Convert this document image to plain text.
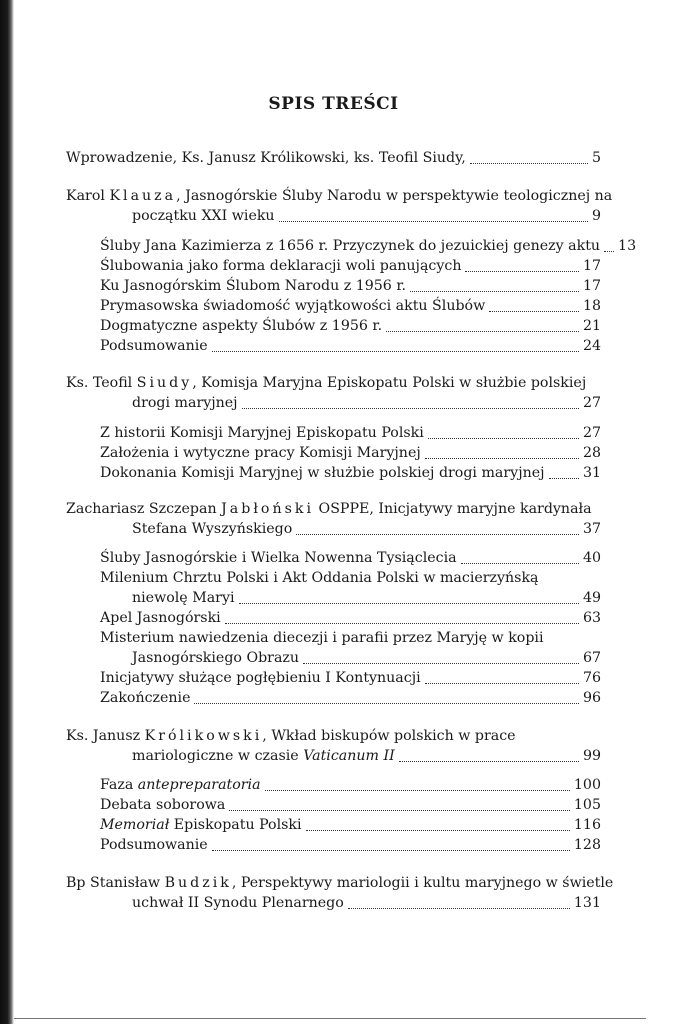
SPIS TREŚCI
Wprowadzenie, Ks. Janusz Królikowski, ks. Teofil Siudy,	5
Karol Klauza, Jasnogórskie Śluby Narodu w perspektywie teologicznej na
początku XXI wieku	9
Śluby Jana Kazimierza z 1656 r. Przyczynek do jezuickiej genezy aktu 13
Ślubowania jako forma deklaracji woli panujących	17
Ku Jasnogórskim Ślubom Narodu z 1956 r.	17
Prymasowska świadomość wyjątkowości aktu Ślubów	18
Dogmatyczne aspekty Ślubów z 1956 r.	21
Podsumowanie	24
Ks. Teofil Siudy, Komisja Maryjna Episkopatu Polski w służbie polskiej
drogi maryjnej	27
Z historii Komisji Maryjnej Episkopatu Polski	27
Założenia i wytyczne pracy Komisji Maryjnej	28
Dokonania Komisji Maryjnej w służbie polskiej drogi maryjnej	31
Zachariasz Szczepan Jabłoński OSPPE, Inicjatywy maryjne kardynała
Stefana Wyszyńskiego	37
Śluby Jasnogórskie i Wielka Nowenna Tysiąclecia	40
Milenium Chrztu Polski i Akt Oddania Polski w macierzyńską
niewolę Maryi	49
Apel Jasnogórski	63
Misterium nawiedzenia diecezji i parafii przez Maryję w kopii
Jasnogórskiego Obrazu	67
Inicjatywy służące pogłębieniu I Kontynuacji	76
Zakończenie	96
Ks. Janusz Królikowski, Wkład biskupów polskich w prace
mariologiczne w czasie Vaticanum II	99
Faza antepreparatoria	100
Debata soborowa	105
Memoriał Episkopatu Polski	116
Podsumowanie	128
Bp Stanisław Budzik, Perspektywy mariologii i kultu maryjnego w świetle
uchwał II Synodu Plenarnego	131
